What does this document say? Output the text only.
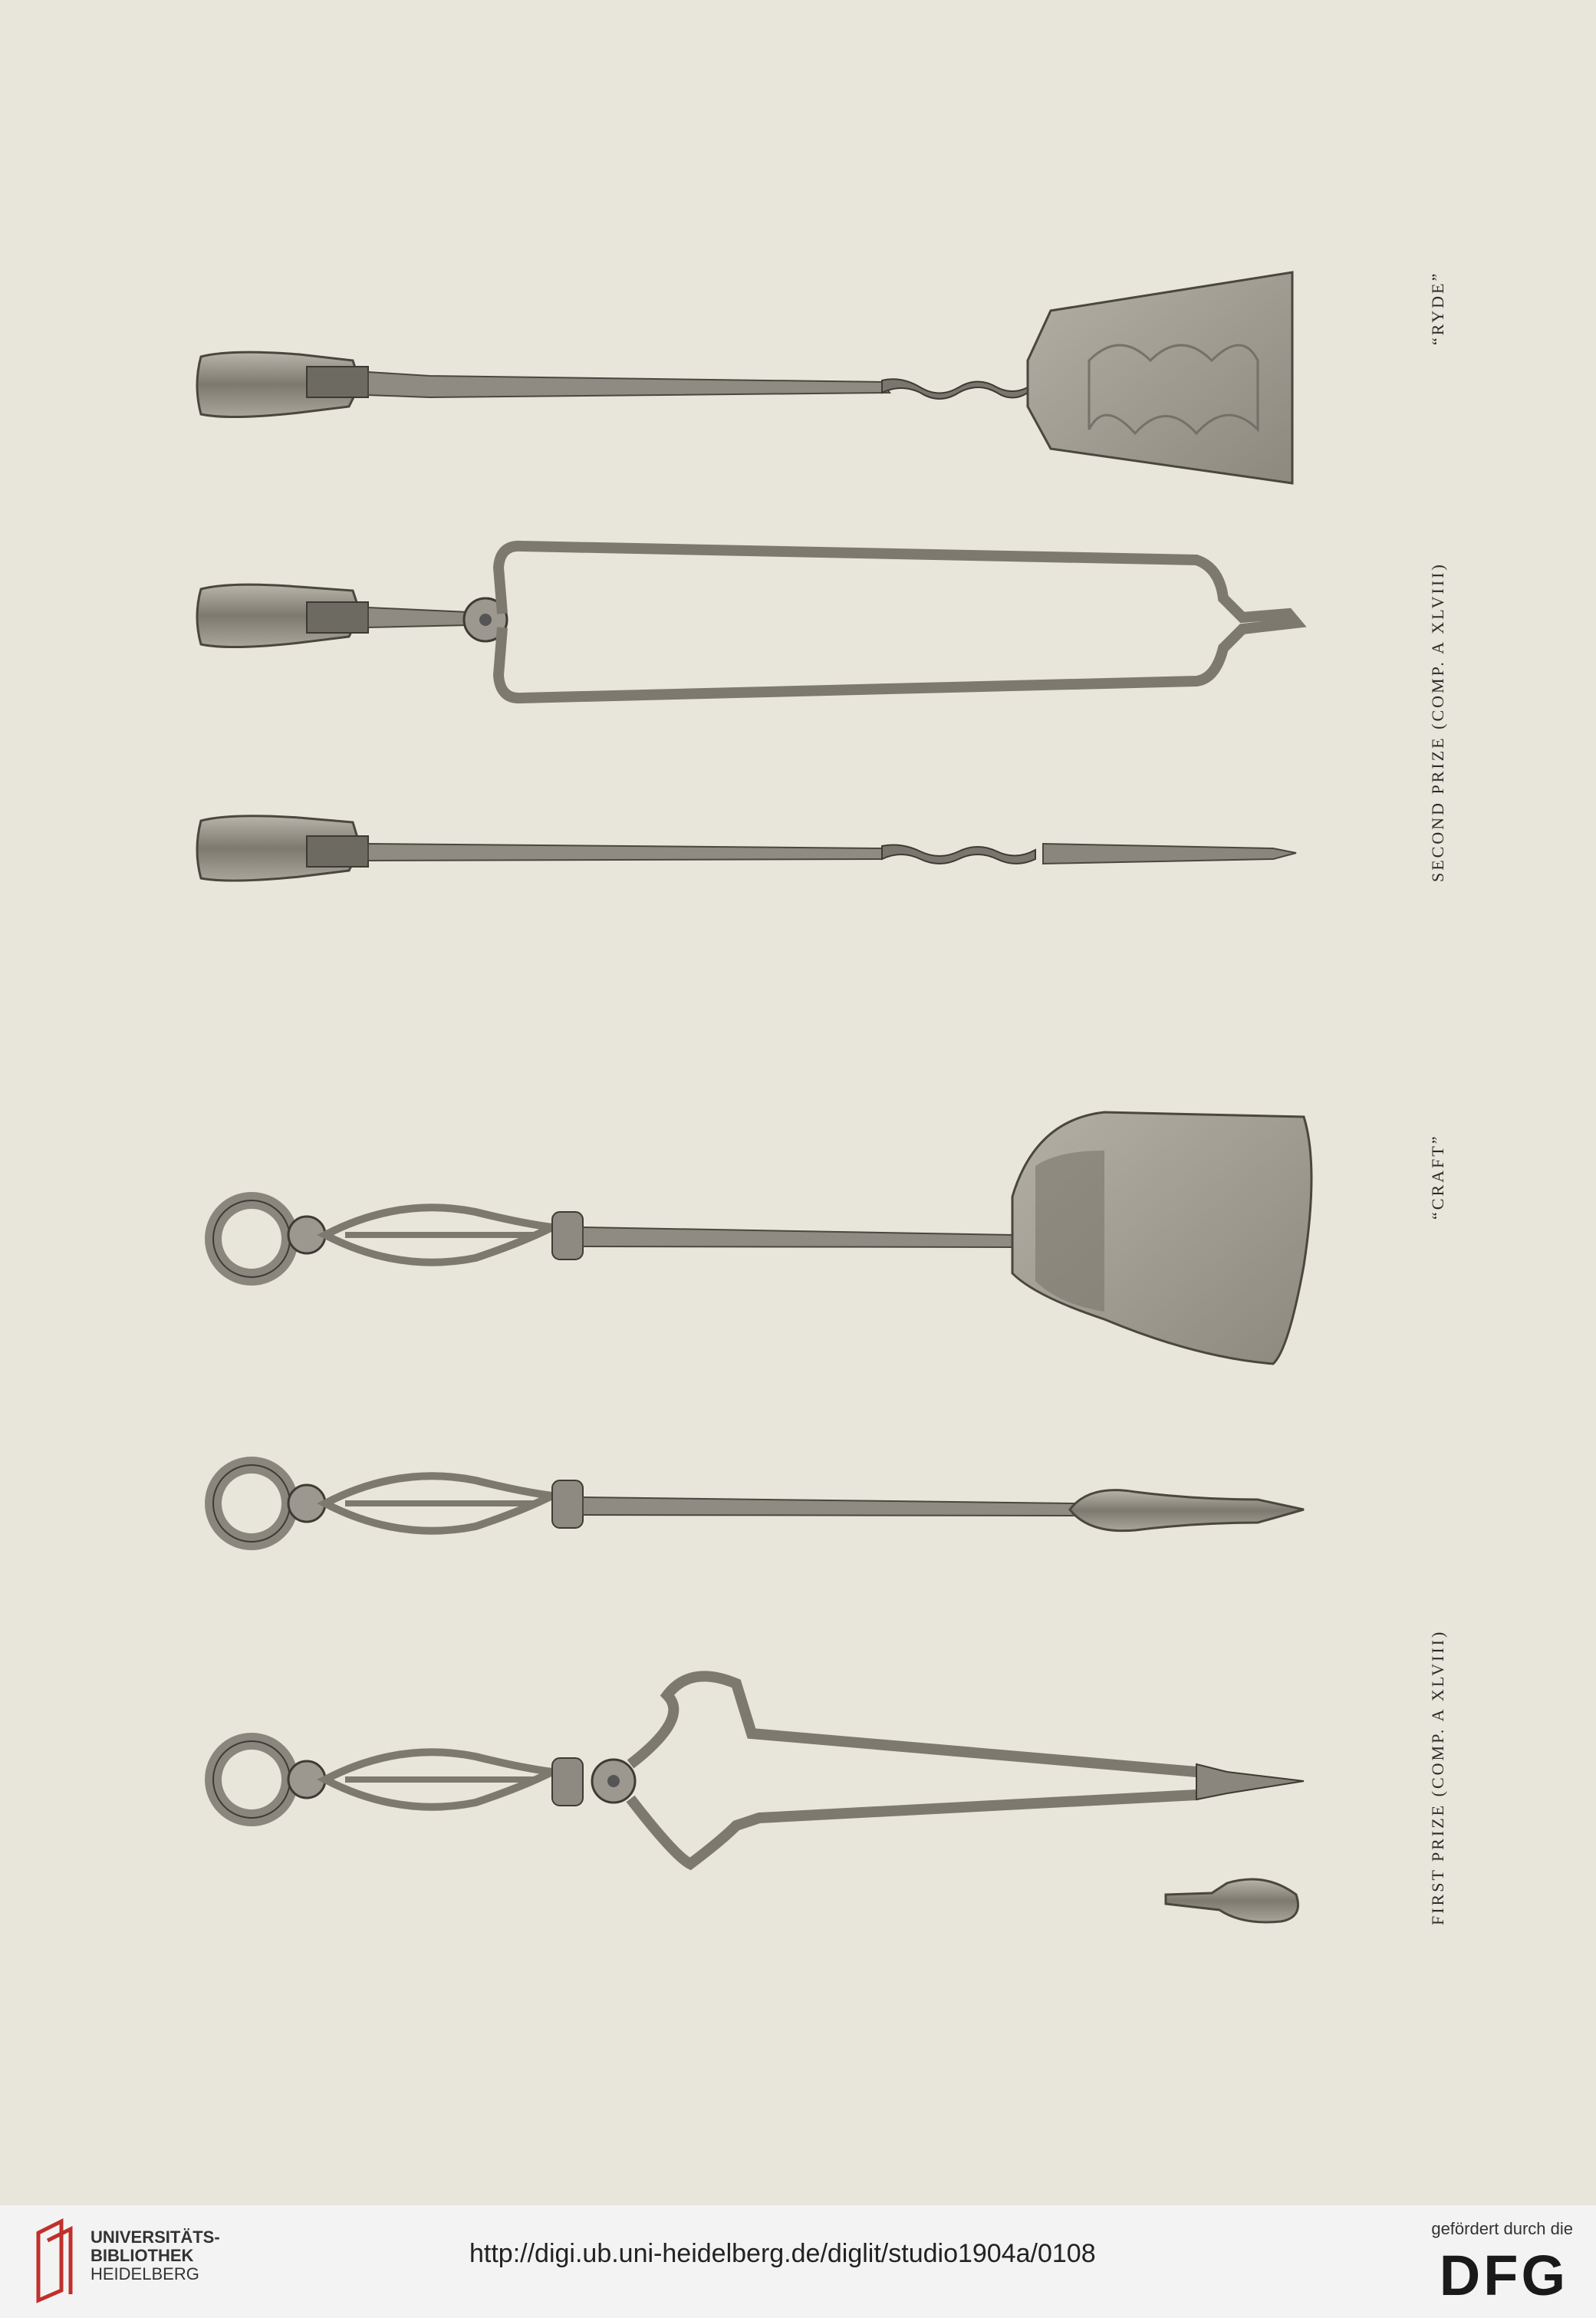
“RYDE”
SECOND PRIZE (COMP. A XLVIII)
“CRAFT”
FIRST PRIZE (COMP. A XLVIII)
UNIVERSITÄTS-
BIBLIOTHEK
HEIDELBERG
http://digi.ub.uni-heidelberg.de/diglit/studio1904a/0108
gefördert durch die
DFG
